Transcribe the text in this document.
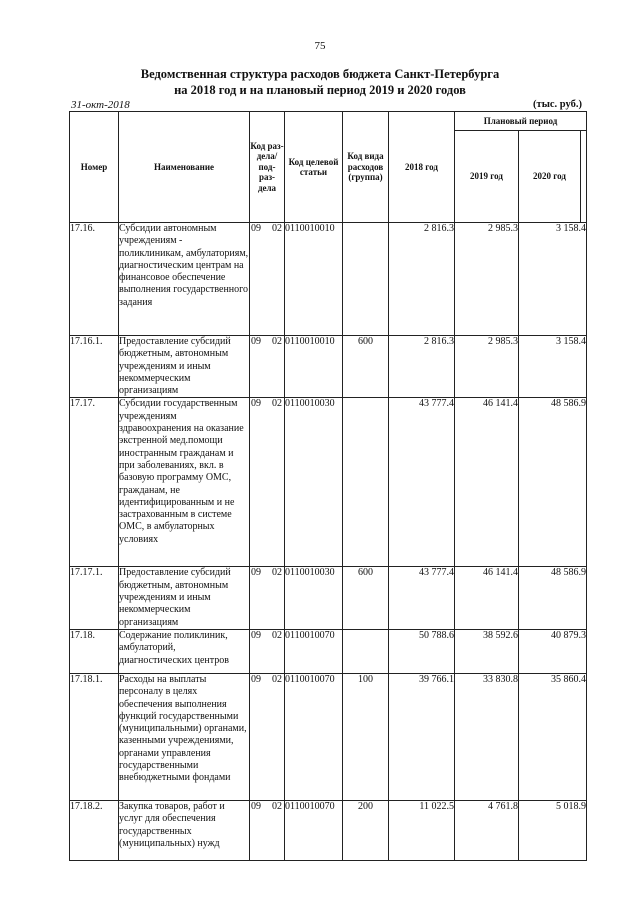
75
Ведомственная структура расходов бюджета Санкт-Петербурга
на 2018 год и на плановый период 2019 и 2020 годов
31-окт-2018	(тыс. руб.)
Номер	Наименование	Код раз- дела/ под- раз- дела	Код целевой статьи	Код вида расходов (группа)	2018 год	Плановый период		
						2019 год	2020 год	
17.16.	Субсидии автономным учреждениям - поликлиникам, амбулаториям, диагностическим центрам на финансовое обеспечение выполнения государственного задания	09 02	0110010010		2 816.3	2 985.3	3 158.4	
17.16.1.	Предоставление субсидий бюджетным, автономным учреждениям и иным некоммерческим организациям	09 02	0110010010	600	2 816.3	2 985.3	3 158.4	
17.17.	Субсидии государственным учреждениям здравоохранения на оказание экстренной мед.помощи иностранным гражданам и при заболеваниях, вкл. в базовую программу ОМС, гражданам, не идентифицированным и не застрахованным в системе ОМС, в амбулаторных условиях	09 02	0110010030		43 777.4	46 141.4	48 586.9	
17.17.1.	Предоставление субсидий бюджетным, автономным учреждениям и иным некоммерческим организациям	09 02	0110010030	600	43 777.4	46 141.4	48 586.9	
17.18.	Содержание поликлиник, амбулаторий, диагностических центров	09 02	0110010070		50 788.6	38 592.6	40 879.3	
17.18.1.	Расходы на выплаты персоналу в целях обеспечения выполнения функций государственными (муниципальными) органами, казенными учреждениями, органами управления государственными внебюджетными фондами	09 02	0110010070	100	39 766.1	33 830.8	35 860.4	
17.18.2.	Закупка товаров, работ и услуг для обеспечения государственных (муниципальных) нужд	09 02	0110010070	200	11 022.5	4 761.8	5 018.9	
